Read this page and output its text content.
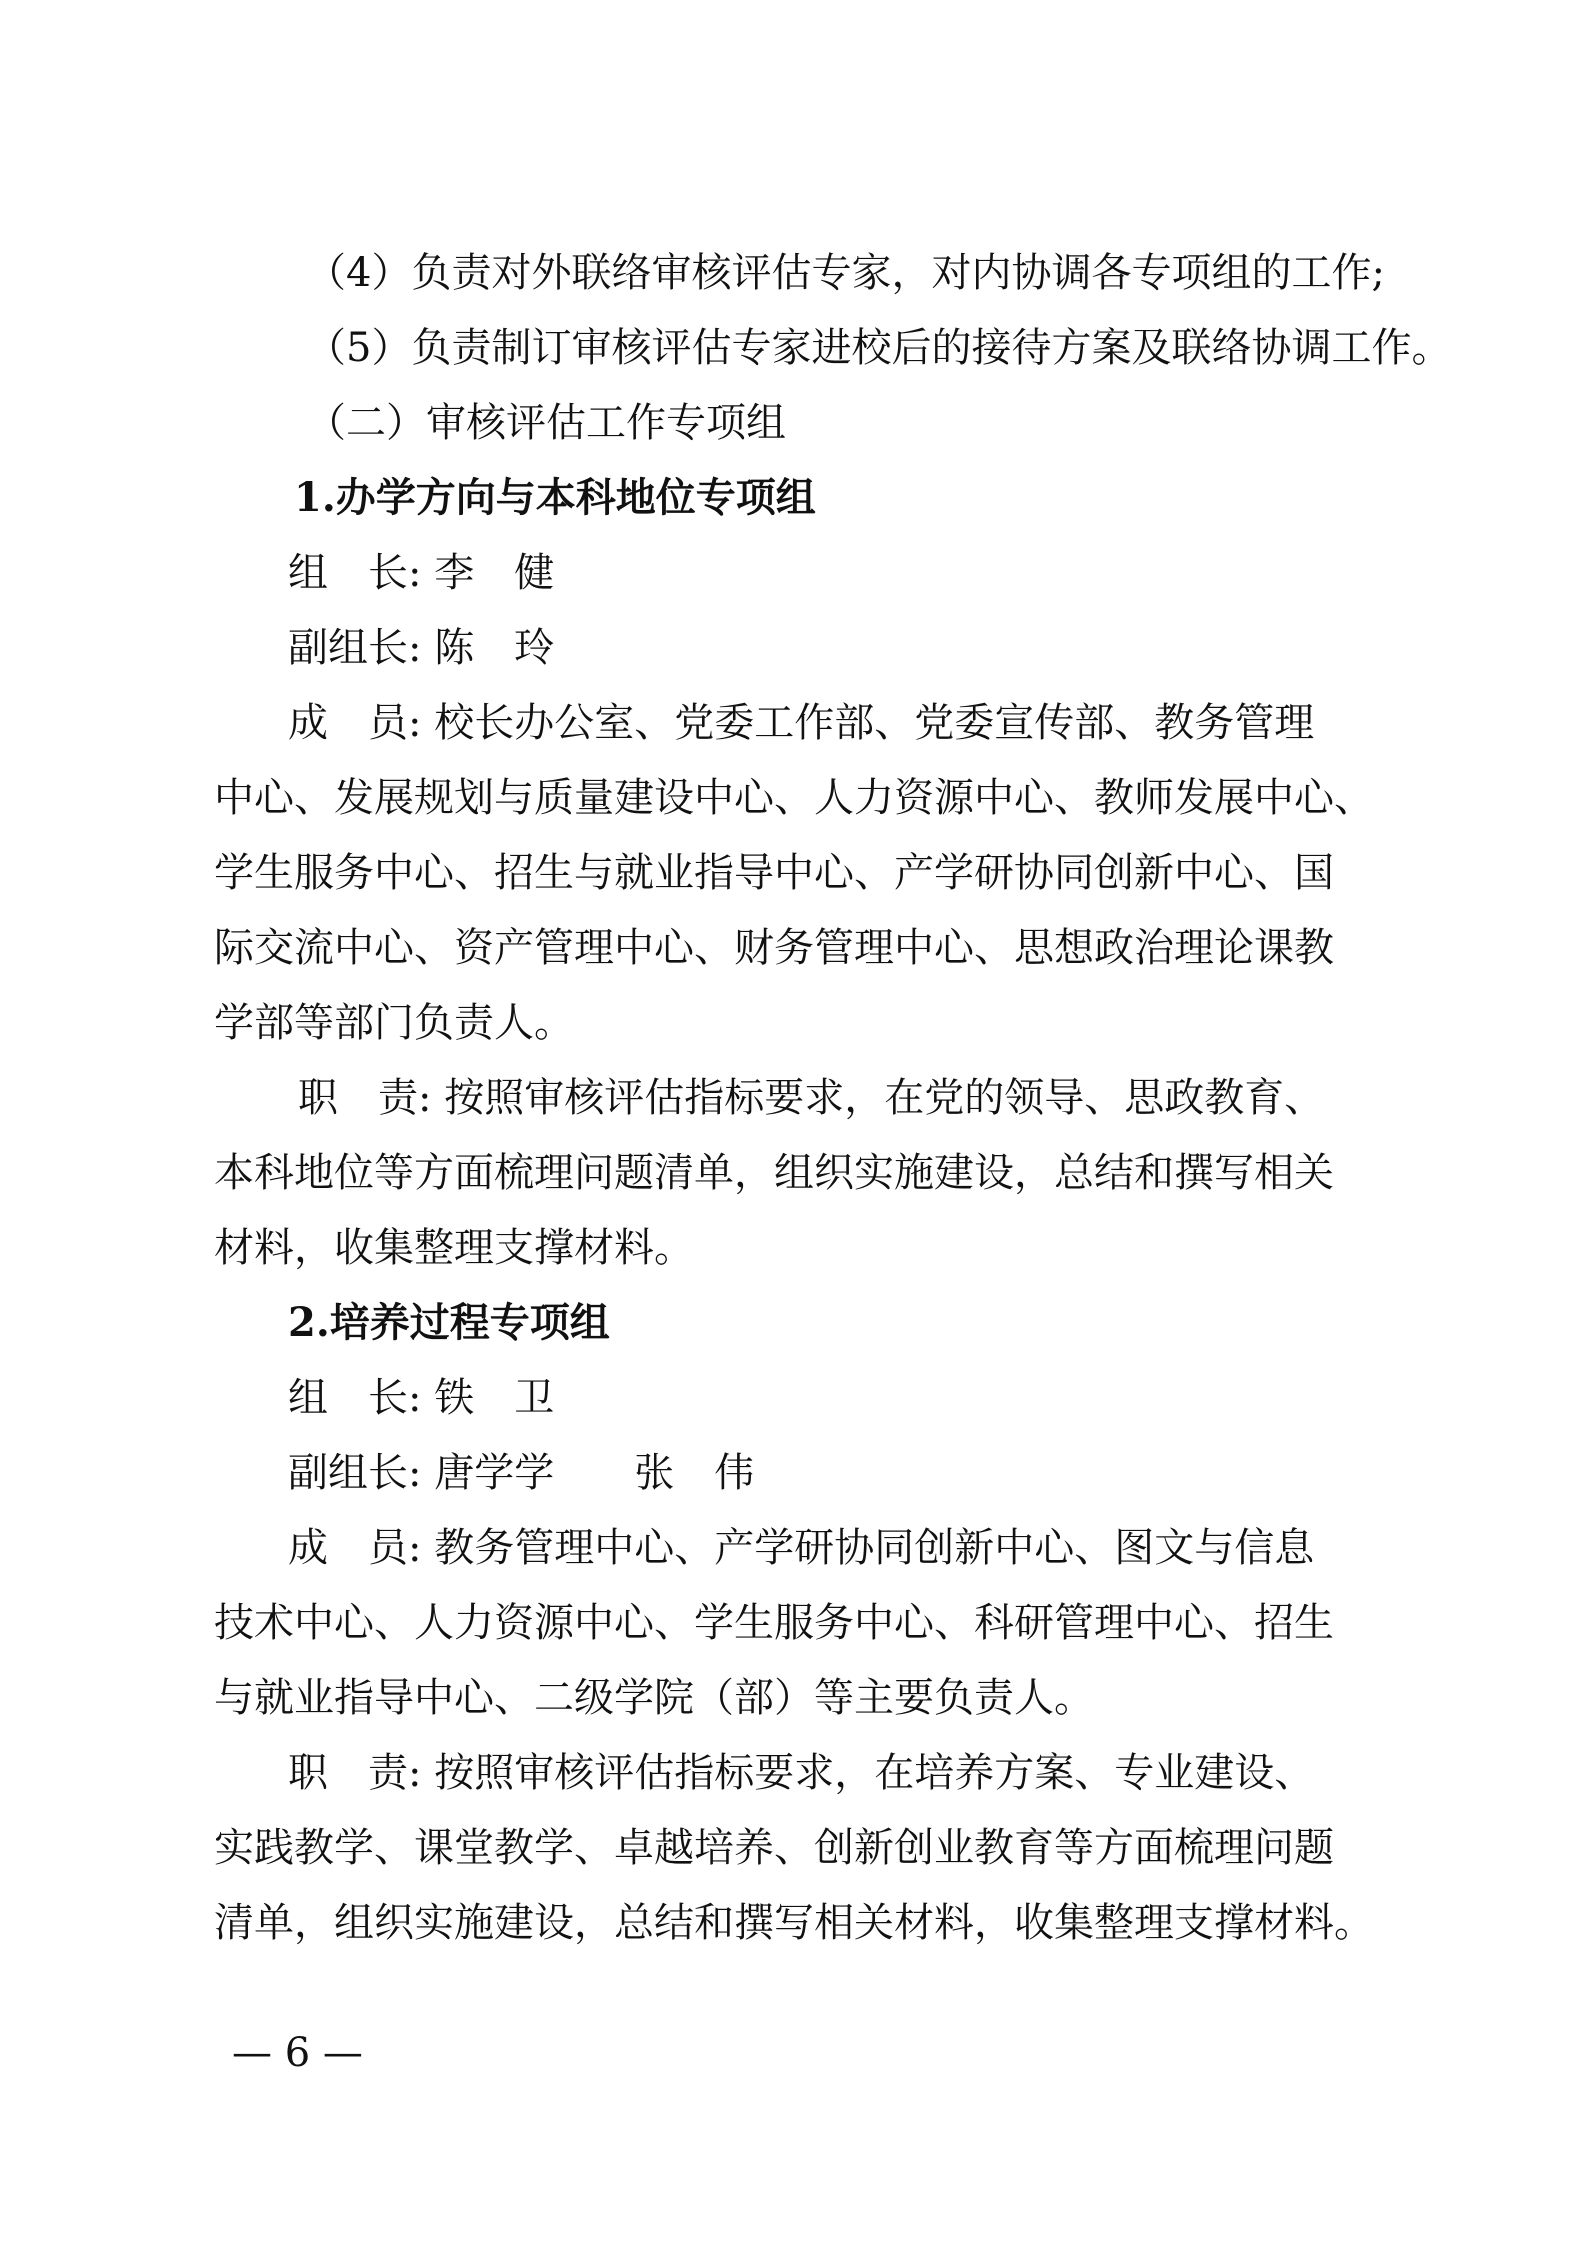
（4）负责对外联络审核评估专家，对内协调各专项组的工作;
（5）负责制订审核评估专家进校后的接待方案及联络协调工作。
（二）审核评估工作专项组
1.办学方向与本科地位专项组
组　长: 李　健
副组长: 陈　玲
成　员: 校长办公室、党委工作部、党委宣传部、教务管理
中心、发展规划与质量建设中心、人力资源中心、教师发展中心、
学生服务中心、招生与就业指导中心、产学研协同创新中心、国
际交流中心、资产管理中心、财务管理中心、思想政治理论课教
学部等部门负责人。
职　责: 按照审核评估指标要求，在党的领导、思政教育、
本科地位等方面梳理问题清单，组织实施建设，总结和撰写相关
材料，收集整理支撑材料。
2.培养过程专项组
组　长: 铁　卫
副组长: 唐学学　　张　伟
成　员: 教务管理中心、产学研协同创新中心、图文与信息
技术中心、人力资源中心、学生服务中心、科研管理中心、招生
与就业指导中心、二级学院（部）等主要负责人。
职　责: 按照审核评估指标要求，在培养方案、专业建设、
实践教学、课堂教学、卓越培养、创新创业教育等方面梳理问题
清单，组织实施建设，总结和撰写相关材料，收集整理支撑材料。
— 6 —
